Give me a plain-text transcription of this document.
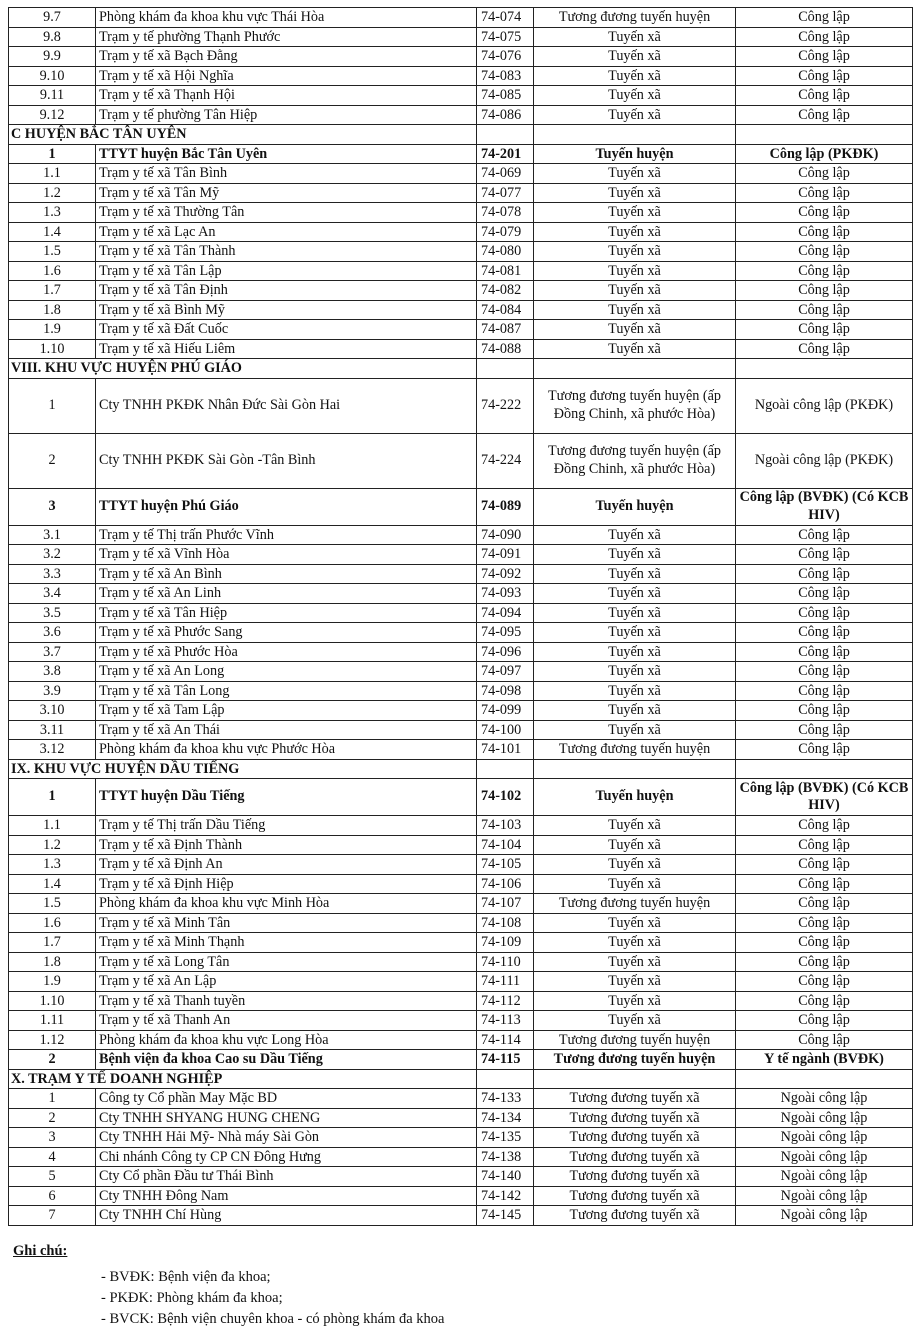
9.7	Phòng khám đa khoa khu vực Thái Hòa	74-074	Tương đương tuyến huyện	Công lập
9.8	Trạm y tế phường Thạnh Phước	74-075	Tuyến xã	Công lập
9.9	Trạm y tế xã Bạch Đằng	74-076	Tuyến xã	Công lập
9.10	Trạm y tế xã Hội Nghĩa	74-083	Tuyến xã	Công lập
9.11	Trạm y tế xã Thạnh Hội	74-085	Tuyến xã	Công lập
9.12	Trạm y tế phường Tân Hiệp	74-086	Tuyến xã	Công lập
C HUYỆN BẮC TÂN UYÊN				
1	TTYT huyện Bắc Tân Uyên	74-201	Tuyến huyện	Công lập (PKĐK)
1.1	Trạm y tế xã Tân Bình	74-069	Tuyến xã	Công lập
1.2	Trạm y tế xã Tân Mỹ	74-077	Tuyến xã	Công lập
1.3	Trạm y tế xã Thường Tân	74-078	Tuyến xã	Công lập
1.4	Trạm y tế xã Lạc An	74-079	Tuyến xã	Công lập
1.5	Trạm y tế xã Tân Thành	74-080	Tuyến xã	Công lập
1.6	Trạm y tế xã Tân Lập	74-081	Tuyến xã	Công lập
1.7	Trạm y tế xã Tân Định	74-082	Tuyến xã	Công lập
1.8	Trạm y tế xã Bình Mỹ	74-084	Tuyến xã	Công lập
1.9	Trạm y tế xã Đất Cuốc	74-087	Tuyến xã	Công lập
1.10	Trạm y tế xã Hiếu Liêm	74-088	Tuyến xã	Công lập
VIII. KHU VỰC HUYỆN PHÚ GIÁO				
1	Cty TNHH PKĐK Nhân Đức Sài Gòn Hai	74-222	Tương đương tuyến huyện (ấp Đồng Chinh, xã phước Hòa)	Ngoài công lập (PKĐK)
2	Cty TNHH PKĐK Sài Gòn -Tân Bình	74-224	Tương đương tuyến huyện (ấp Đồng Chinh, xã phước Hòa)	Ngoài công lập (PKĐK)
3	TTYT huyện Phú Giáo	74-089	Tuyến huyện	Công lập (BVĐK) (Có KCB HIV)
3.1	Trạm y tế Thị trấn Phước Vĩnh	74-090	Tuyến xã	Công lập
3.2	Trạm y tế xã Vĩnh Hòa	74-091	Tuyến xã	Công lập
3.3	Trạm y tế xã An Bình	74-092	Tuyến xã	Công lập
3.4	Trạm y tế xã An Linh	74-093	Tuyến xã	Công lập
3.5	Trạm y tế xã Tân Hiệp	74-094	Tuyến xã	Công lập
3.6	Trạm y tế xã Phước Sang	74-095	Tuyến xã	Công lập
3.7	Trạm y tế xã Phước Hòa	74-096	Tuyến xã	Công lập
3.8	Trạm y tế xã An Long	74-097	Tuyến xã	Công lập
3.9	Trạm y tế xã Tân Long	74-098	Tuyến xã	Công lập
3.10	Trạm y tế xã Tam Lập	74-099	Tuyến xã	Công lập
3.11	Trạm y tế xã An Thái	74-100	Tuyến xã	Công lập
3.12	Phòng khám đa khoa khu vực Phước Hòa	74-101	Tương đương tuyến huyện	Công lập
IX. KHU VỰC HUYỆN DẦU TIẾNG				
1	TTYT huyện Dầu Tiếng	74-102	Tuyến huyện	Công lập (BVĐK) (Có KCB HIV)
1.1	Trạm y tế Thị trấn Dầu Tiếng	74-103	Tuyến xã	Công lập
1.2	Trạm y tế xã Định Thành	74-104	Tuyến xã	Công lập
1.3	Trạm y tế xã Định An	74-105	Tuyến xã	Công lập
1.4	Trạm y tế xã Định Hiệp	74-106	Tuyến xã	Công lập
1.5	Phòng khám đa khoa khu vực Minh Hòa	74-107	Tương đương tuyến huyện	Công lập
1.6	Trạm y tế xã Minh Tân	74-108	Tuyến xã	Công lập
1.7	Trạm y tế xã Minh Thạnh	74-109	Tuyến xã	Công lập
1.8	Trạm y tế xã Long Tân	74-110	Tuyến xã	Công lập
1.9	Trạm y tế xã An Lập	74-111	Tuyến xã	Công lập
1.10	Trạm y tế xã Thanh tuyền	74-112	Tuyến xã	Công lập
1.11	Trạm y tế xã Thanh An	74-113	Tuyến xã	Công lập
1.12	Phòng khám đa khoa khu vực Long Hòa	74-114	Tương đương tuyến huyện	Công lập
2	Bệnh viện đa khoa Cao su Dầu Tiếng	74-115	Tương đương tuyến huyện	Y tế ngành (BVĐK)
X. TRẠM Y TẾ DOANH NGHIỆP				
1	Công ty Cổ phần May Mặc BD	74-133	Tương đương tuyến xã	Ngoài công lập
2	Cty TNHH SHYANG HUNG CHENG	74-134	Tương đương tuyến xã	Ngoài công lập
3	Cty TNHH Hải Mỹ- Nhà máy Sài Gòn	74-135	Tương đương tuyến xã	Ngoài công lập
4	Chi nhánh Công ty CP CN Đông Hưng	74-138	Tương đương tuyến xã	Ngoài công lập
5	Cty Cổ phần Đầu tư Thái Bình	74-140	Tương đương tuyến xã	Ngoài công lập
6	Cty TNHH Đông Nam	74-142	Tương đương tuyến xã	Ngoài công lập
7	Cty TNHH Chí Hùng	74-145	Tương đương tuyến xã	Ngoài công lập
Ghi chú:
- BVĐK: Bệnh viện đa khoa;
- PKĐK: Phòng khám đa khoa;
- BVCK: Bệnh viện chuyên khoa - có phòng khám đa khoa
